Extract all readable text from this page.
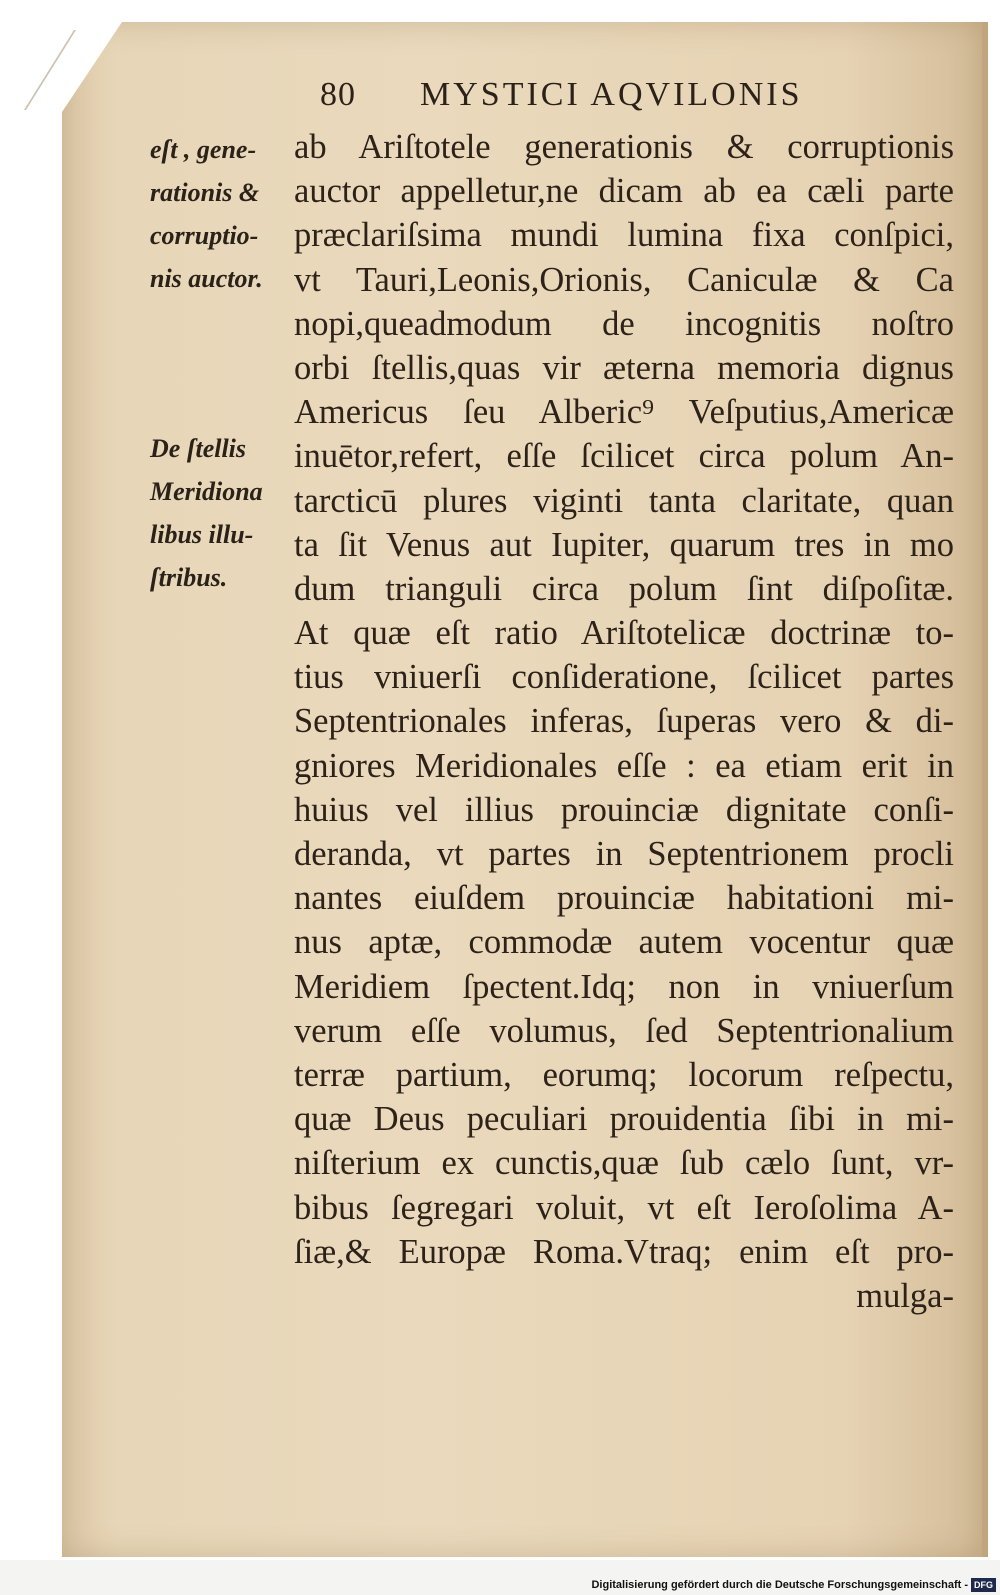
80 MYSTICI AQVILONIS
eſt , gene-
rationis &
corruptio-
nis auctor.
De ſtellis
Meridiona
libus illu-
ſtribus.
ab Ariſtotele generationis & corruptionis
auctor appelletur,ne dicam ab ea cæli parte
præclariſsima mundi lumina fixa conſpici,
vt Tauri,Leonis,Orionis, Caniculæ & Ca
nopi,queadmodum de incognitis noſtro
orbi ſtellis,quas vir æterna memoria dignus
Americus ſeu Alberic⁹ Veſputius,Americæ
inuētor,refert, eſſe ſcilicet circa polum An-
tarcticū plures viginti tanta claritate, quan
ta ſit Venus aut Iupiter, quarum tres in mo
dum trianguli circa polum ſint diſpoſitæ.
At quæ eſt ratio Ariſtotelicæ doctrinæ to-
tius vniuerſi conſideratione, ſcilicet partes
Septentrionales inferas, ſuperas vero & di-
gniores Meridionales eſſe : ea etiam erit in
huius vel illius prouinciæ dignitate conſi-
deranda, vt partes in Septentrionem procli
nantes eiuſdem prouinciæ habitationi mi-
nus aptæ, commodæ autem vocentur quæ
Meridiem ſpectent.Idq; non in vniuerſum
verum eſſe volumus, ſed Septentrionalium
terræ partium, eorumq; locorum reſpectu,
quæ Deus peculiari prouidentia ſibi in mi-
niſterium ex cunctis,quæ ſub cælo ſunt, vr-
bibus ſegregari voluit, vt eſt Ieroſolima A-
ſiæ,& Europæ Roma.Vtraq; enim eſt pro-
mulga-
Digitalisierung gefördert durch die Deutsche Forschungsgemeinschaft - DFG
